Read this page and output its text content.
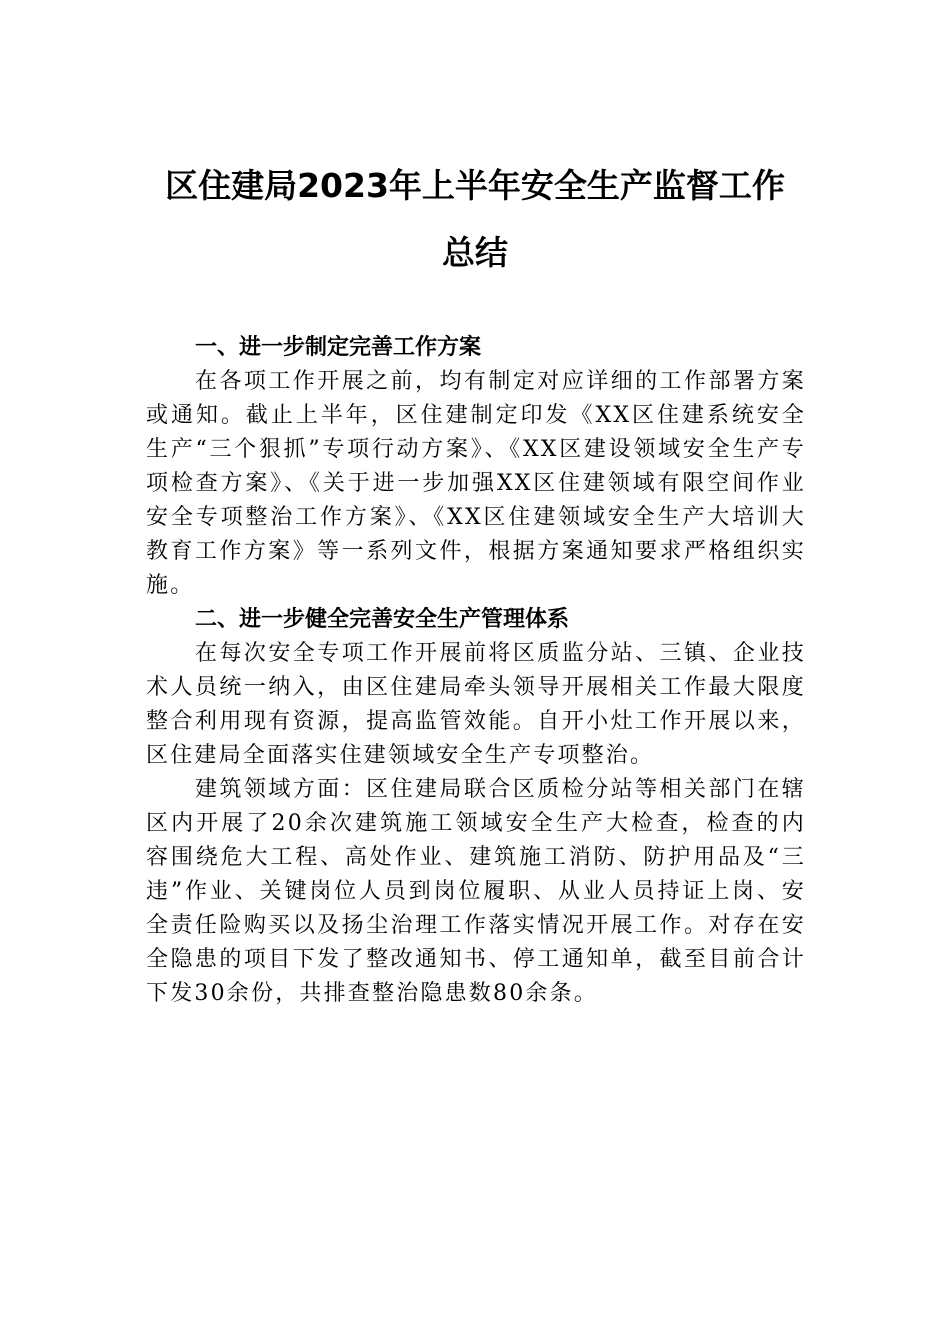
区住建局2023年上半年安全生产监督工作
总结
一、进一步制定完善工作方案

在各项工作开展之前，均有制定对应详细的工作部署方案或通知。截止上半年，区住建制定印发《XX区住建系统安全生产“三个狠抓”专项行动方案》、《XX区建设领域安全生产专项检查方案》、《关于进一步加强XX区住建领域有限空间作业安全专项整治工作方案》、《XX区住建领域安全生产大培训大教育工作方案》等一系列文件，根据方案通知要求严格组织实施。

二、进一步健全完善安全生产管理体系

在每次安全专项工作开展前将区质监分站、三镇、企业技术人员统一纳入，由区住建局牵头领导开展相关工作最大限度整合利用现有资源，提高监管效能。自开小灶工作开展以来，区住建局全面落实住建领域安全生产专项整治。

建筑领域方面：区住建局联合区质检分站等相关部门在辖区内开展了20余次建筑施工领域安全生产大检查，检查的内容围绕危大工程、高处作业、建筑施工消防、防护用品及“三违”作业、关键岗位人员到岗位履职、从业人员持证上岗、安全责任险购买以及扬尘治理工作落实情况开展工作。对存在安全隐患的项目下发了整改通知书、停工通知单，截至目前合计下发30余份，共排查整治隐患数80余条。
